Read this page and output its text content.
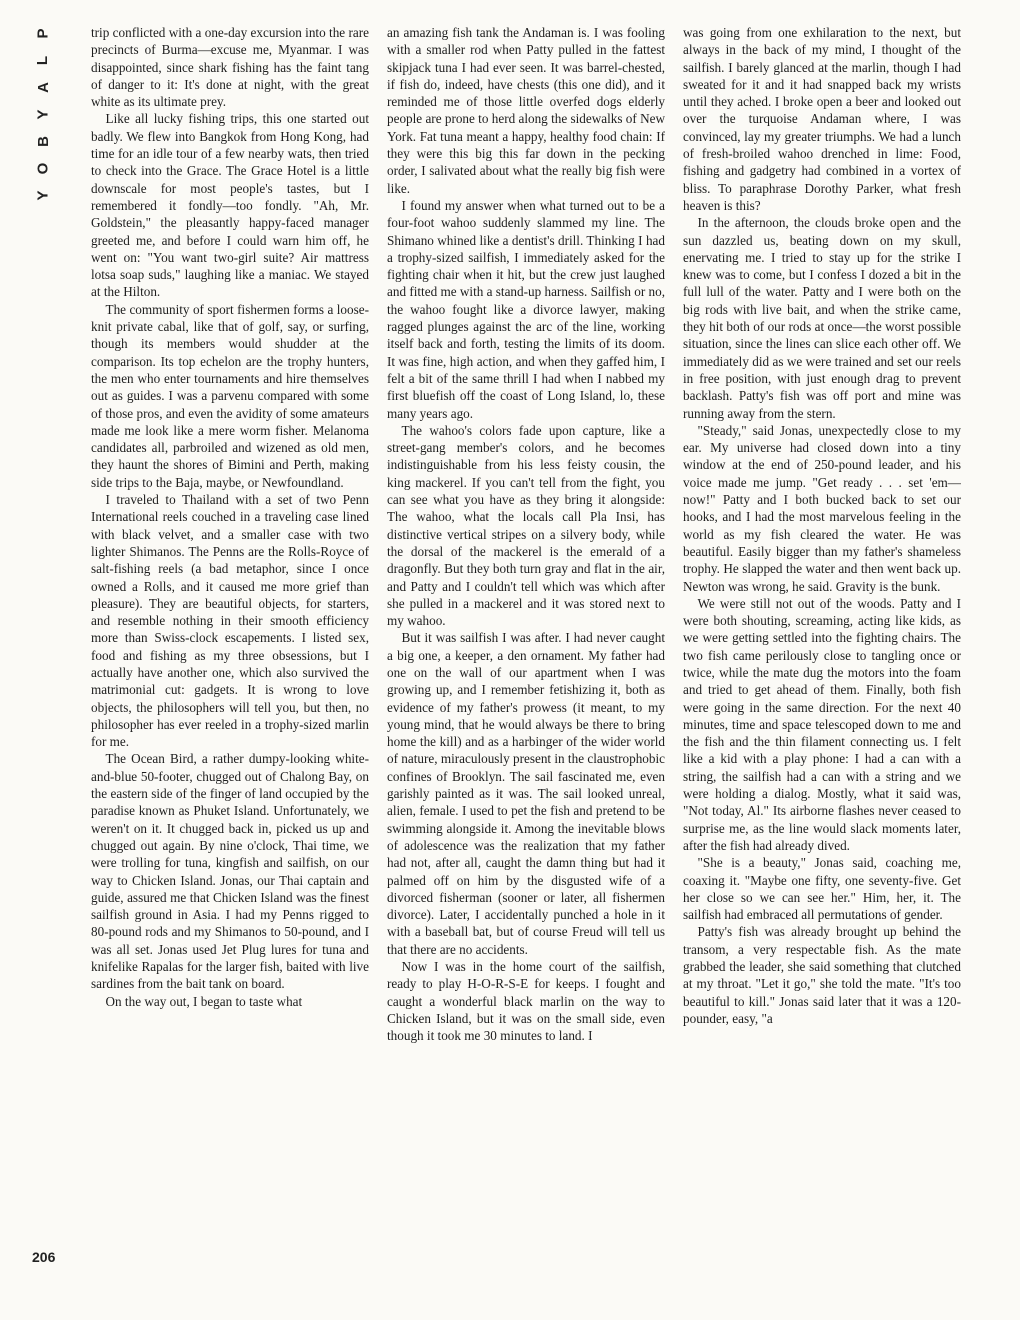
P
L
A
Y
B
O
Y
206

trip conflicted with a one-day excursion into the rare precincts of Burma—excuse me, Myanmar. I was disappointed, since shark fishing has the faint tang of danger to it: It's done at night, with the great white as its ultimate prey.

Like all lucky fishing trips, this one started out badly. We flew into Bangkok from Hong Kong, had time for an idle tour of a few nearby wats, then tried to check into the Grace. The Grace Hotel is a little downscale for most people's tastes, but I remembered it fondly—too fondly. "Ah, Mr. Goldstein," the pleasantly happy-faced manager greeted me, and before I could warn him off, he went on: "You want two-girl suite? Air mattress lotsa soap suds," laughing like a maniac. We stayed at the Hilton.

The community of sport fishermen forms a loose-knit private cabal, like that of golf, say, or surfing, though its members would shudder at the comparison. Its top echelon are the trophy hunters, the men who enter tournaments and hire themselves out as guides. I was a parvenu compared with some of those pros, and even the avidity of some amateurs made me look like a mere worm fisher. Melanoma candidates all, parbroiled and wizened as old men, they haunt the shores of Bimini and Perth, making side trips to the Baja, maybe, or Newfoundland.

I traveled to Thailand with a set of two Penn International reels couched in a traveling case lined with black velvet, and a smaller case with two lighter Shimanos. The Penns are the Rolls-Royce of salt-fishing reels (a bad metaphor, since I once owned a Rolls, and it caused me more grief than pleasure). They are beautiful objects, for starters, and resemble nothing in their smooth efficiency more than Swiss-clock escapements. I listed sex, food and fishing as my three obsessions, but I actually have another one, which also survived the matrimonial cut: gadgets. It is wrong to love objects, the philosophers will tell you, but then, no philosopher has ever reeled in a trophy-sized marlin for me.

The Ocean Bird, a rather dumpy-looking white-and-blue 50-footer, chugged out of Chalong Bay, on the eastern side of the finger of land occupied by the paradise known as Phuket Island. Unfortunately, we weren't on it. It chugged back in, picked us up and chugged out again. By nine o'clock, Thai time, we were trolling for tuna, kingfish and sailfish, on our way to Chicken Island. Jonas, our Thai captain and guide, assured me that Chicken Island was the finest sailfish ground in Asia. I had my Penns rigged to 80-pound rods and my Shimanos to 50-pound, and I was all set. Jonas used Jet Plug lures for tuna and knifelike Rapalas for the larger fish, baited with live sardines from the bait tank on board.

On the way out, I began to taste what

an amazing fish tank the Andaman is. I was fooling with a smaller rod when Patty pulled in the fattest skipjack tuna I had ever seen. It was barrel-chested, if fish do, indeed, have chests (this one did), and it reminded me of those little overfed dogs elderly people are prone to herd along the sidewalks of New York. Fat tuna meant a happy, healthy food chain: If they were this big this far down in the pecking order, I salivated about what the really big fish were like.

I found my answer when what turned out to be a four-foot wahoo suddenly slammed my line. The Shimano whined like a dentist's drill. Thinking I had a trophy-sized sailfish, I immediately asked for the fighting chair when it hit, but the crew just laughed and fitted me with a stand-up harness. Sailfish or no, the wahoo fought like a divorce lawyer, making ragged plunges against the arc of the line, working itself back and forth, testing the limits of its doom. It was fine, high action, and when they gaffed him, I felt a bit of the same thrill I had when I nabbed my first bluefish off the coast of Long Island, lo, these many years ago.

The wahoo's colors fade upon capture, like a street-gang member's colors, and he becomes indistinguishable from his less feisty cousin, the king mackerel. If you can't tell from the fight, you can see what you have as they bring it alongside: The wahoo, what the locals call Pla Insi, has distinctive vertical stripes on a silvery body, while the dorsal of the mackerel is the emerald of a dragonfly. But they both turn gray and flat in the air, and Patty and I couldn't tell which was which after she pulled in a mackerel and it was stored next to my wahoo.

But it was sailfish I was after. I had never caught a big one, a keeper, a den ornament. My father had one on the wall of our apartment when I was growing up, and I remember fetishizing it, both as evidence of my father's prowess (it meant, to my young mind, that he would always be there to bring home the kill) and as a harbinger of the wider world of nature, miraculously present in the claustrophobic confines of Brooklyn. The sail fascinated me, even garishly painted as it was. The sail looked unreal, alien, female. I used to pet the fish and pretend to be swimming alongside it. Among the inevitable blows of adolescence was the realization that my father had not, after all, caught the damn thing but had it palmed off on him by the disgusted wife of a divorced fisherman (sooner or later, all fishermen divorce). Later, I accidentally punched a hole in it with a baseball bat, but of course Freud will tell us that there are no accidents.

Now I was in the home court of the sailfish, ready to play H-O-R-S-E for keeps. I fought and caught a wonderful black marlin on the way to Chicken Island, but it was on the small side, even though it took me 30 minutes to land. I

was going from one exhilaration to the next, but always in the back of my mind, I thought of the sailfish. I barely glanced at the marlin, though I had sweated for it and it had snapped back my wrists until they ached. I broke open a beer and looked out over the turquoise Andaman where, I was convinced, lay my greater triumphs. We had a lunch of fresh-broiled wahoo drenched in lime: Food, fishing and gadgetry had combined in a vortex of bliss. To paraphrase Dorothy Parker, what fresh heaven is this?

In the afternoon, the clouds broke open and the sun dazzled us, beating down on my skull, enervating me. I tried to stay up for the strike I knew was to come, but I confess I dozed a bit in the full lull of the water. Patty and I were both on the big rods with live bait, and when the strike came, they hit both of our rods at once—the worst possible situation, since the lines can slice each other off. We immediately did as we were trained and set our reels in free position, with just enough drag to prevent backlash. Patty's fish was off port and mine was running away from the stern.

"Steady," said Jonas, unexpectedly close to my ear. My universe had closed down into a tiny window at the end of 250-pound leader, and his voice made me jump. "Get ready . . . set 'em—now!" Patty and I both bucked back to set our hooks, and I had the most marvelous feeling in the world as my fish cleared the water. He was beautiful. Easily bigger than my father's shameless trophy. He slapped the water and then went back up. Newton was wrong, he said. Gravity is the bunk.

We were still not out of the woods. Patty and I were both shouting, screaming, acting like kids, as we were getting settled into the fighting chairs. The two fish came perilously close to tangling once or twice, while the mate dug the motors into the foam and tried to get ahead of them. Finally, both fish were going in the same direction. For the next 40 minutes, time and space telescoped down to me and the fish and the thin filament connecting us. I felt like a kid with a play phone: I had a can with a string, the sailfish had a can with a string and we were holding a dialog. Mostly, what it said was, "Not today, Al." Its airborne flashes never ceased to surprise me, as the line would slack moments later, after the fish had already dived.

"She is a beauty," Jonas said, coaching me, coaxing it. "Maybe one fifty, one seventy-five. Get her close so we can see her." Him, her, it. The sailfish had embraced all permutations of gender.

Patty's fish was already brought up behind the transom, a very respectable fish. As the mate grabbed the leader, she said something that clutched at my throat. "Let it go," she told the mate. "It's too beautiful to kill." Jonas said later that it was a 120-pounder, easy, "a
